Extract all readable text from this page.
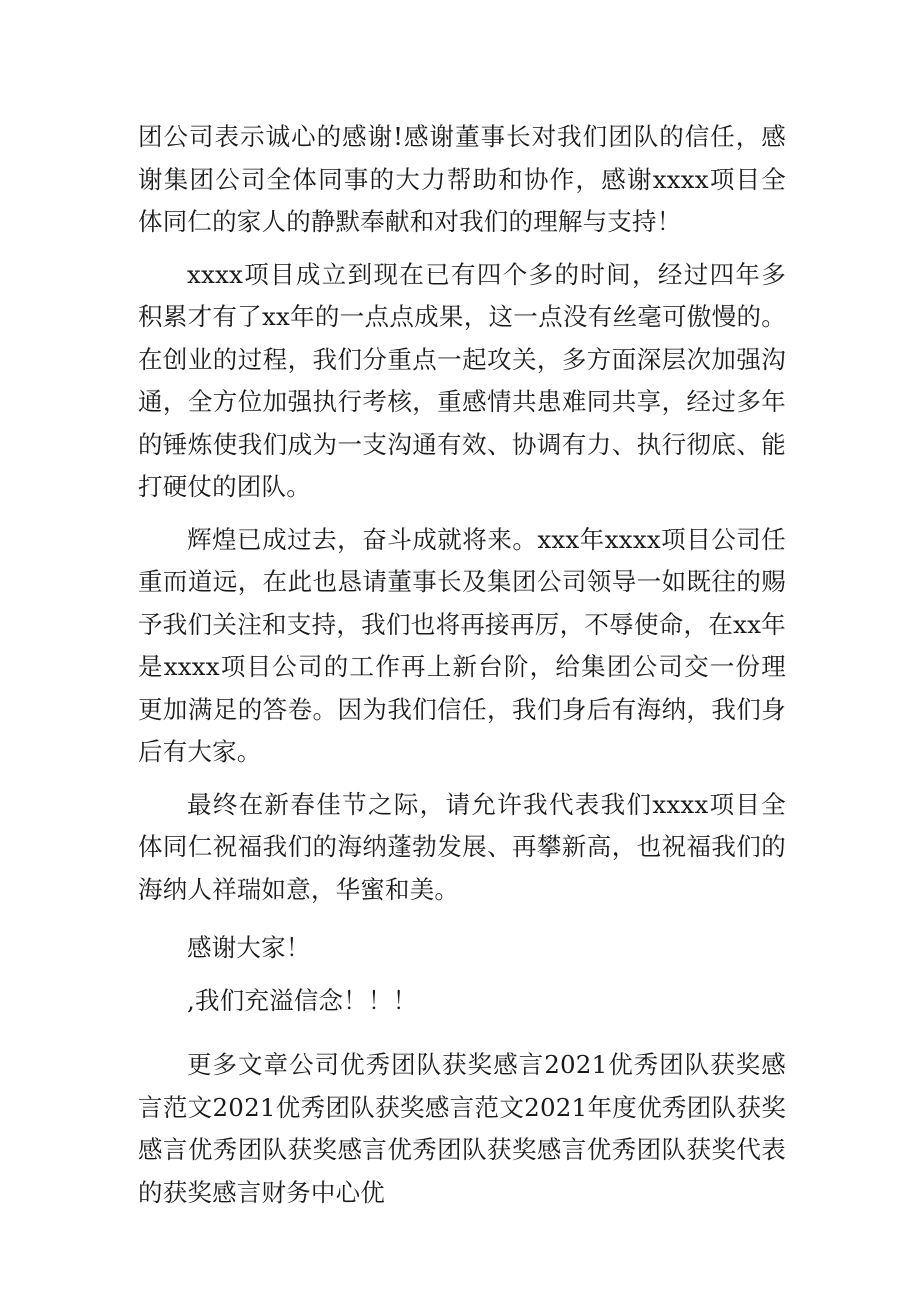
团公司表示诚心的感谢!感谢董事长对我们团队的信任，感谢集团公司全体同事的大力帮助和协作，感谢xxxx项目全体同仁的家人的静默奉献和对我们的理解与支持！

xxxx项目成立到现在已有四个多的时间，经过四年多积累才有了xx年的一点点成果，这一点没有丝毫可傲慢的。在创业的过程，我们分重点一起攻关，多方面深层次加强沟通，全方位加强执行考核，重感情共患难同共享，经过多年的锤炼使我们成为一支沟通有效、协调有力、执行彻底、能打硬仗的团队。

辉煌已成过去，奋斗成就将来。xxx年xxxx项目公司任重而道远，在此也恳请董事长及集团公司领导一如既往的赐予我们关注和支持，我们也将再接再厉，不辱使命，在xx年是xxxx项目公司的工作再上新台阶，给集团公司交一份理更加满足的答卷。因为我们信任，我们身后有海纳，我们身后有大家。

最终在新春佳节之际，请允许我代表我们xxxx项目全体同仁祝福我们的海纳蓬勃发展、再攀新高，也祝福我们的海纳人祥瑞如意，华蜜和美。

感谢大家！

,我们充溢信念！！！

更多文章公司优秀团队获奖感言2021优秀团队获奖感言范文2021优秀团队获奖感言范文2021年度优秀团队获奖感言优秀团队获奖感言优秀团队获奖感言优秀团队获奖代表的获奖感言财务中心优
